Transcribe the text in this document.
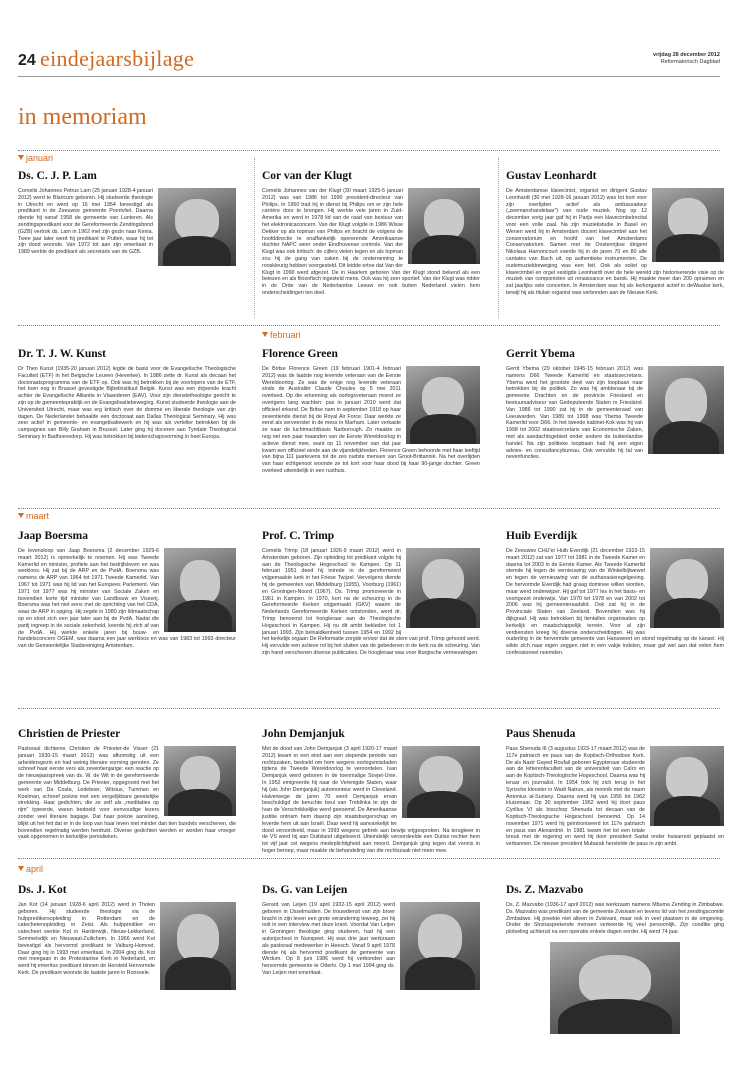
24 eindejaarsbijlage	vrijdag 28 december 2012
Reformatorisch Dagblad
in memoriam
januari
februari
maart
april
Ds. C. J. P. Lam
Cornelis Johannes Petrus Lam (25 januari 1928-4 januari 2012) werd te Blaricum geboren. Hij studeerde theologie in Utrecht en werd op 16 mei 1954 bevestigd als predikant in de Zeeuwse gemeente Poortvliet. Daarna diende hij vanaf 1958 de gemeente van Lunteren. Als zendingspredikant voor de Gereformeerde Zendingsbond (GZB) vertrok ds. Lam in 1962 met zijn gezin naar Kenia. Twee jaar later werd hij predikant te Putten, waar hij tot zijn dood woonde. Van 1972 tot aan zijn emeritaat in 1989 werkte de predikant als secretaris van de GZB.
Cor van der Klugt
Cornelis Johannes van der Klugt (30 maart 1925-5 januari 2012) was van 1986 tot 1990 president-directeur van Philips. In 1950 trad hij in dienst bij Philips om er zijn hele carrière door te brengen. Hij werkte vele jaren in Zuid-Amerika en werd in 1978 lid van de raad van bestuur van het elektronicaconcern. Van der Klugt volgde in 1986 Wisse Dekker op als topman van Philips en bracht de volgens de hoofddirectie te onaffankelijk opererende Amerikaanse dochter NAPC weer onder Eindhovense controle. Van der Klugt was ook kritisch: de cijfers vielen tegen en als topman zou hij de gang van zaken bij de onderneming te rooskleurig hebben voorgesteld. Dit leidde ertoe dat Van der Klugt in 1990 werd afgezet. De in Haarlem geboren Van der Klugt stond bekend als een belezen en als filosofisch ingesteld mens. Ook was hij zeer sportief. Van der Klugt was ridder in de Orde van de Nederlandse Leeuw en ook buiten Nederland vielen hem onderscheidingen ten deel.
Gustav Leonhardt
De Amsterdamse klavecinist, organist en dirigent Gustav Leonhardt (30 mei 1928-16 januari 2012) was tot kort voor zijn overlijden actief als ambassadeur („zeemanshandelaar”) van oude muziek. Nog op 12 december vorig jaar gaf hij in Parijs een klavecimbelrecital voor een volle zaal. Na zijn muziekstudie in Basel en Wenen werd hij in Amsterdam docent klavecimbel aan het conservatorium en hoofd van het Amsterdams Conservatorium. Samen met de Oostenrijkse dirigent Nikolaus Harnoncourt voerde hij in de jaren 70 en 80 alle cantates van Bach uit, op authentieke instrumenten. De oudemuziekbeweging was een feit. Ook als solist op klavecimbel en orgel vestigde Leonhardt over de hele wereld zijn historiserende visie op de muziek van componisten uit renaissance en barok. Hij maakte meer dan 200 opnamen en zat jaarlijks vele concerten. In Amsterdam was hij als kerkorganist actief in deWaalse kerk, terwijl hij als titulair organist was verbonden aan de Nieuwe Kerk.
Dr. T. J. W. Kunst
Dr Theo Kunst (1935-20 januari 2012) legde de basis voor de Evangelische Theologische Faculteit (ETF) in het Belgische Leuven (Heverlee). In 1986 zette dr. Kunst als decaan het doctoraatsprogramma van de ETF op. Ook was hij betrokken bij de voorlopers van de ETF, het toen nog in Brussel gevestigde Bijbelinstituut België. Kunst was een drijvende kracht achter de Evangelische Alliantie in Vlaanderen (EAV). Voor zijn dienstetheologie gericht te zijn op de gemeentepraktijk en de Evangelisatiebeweging. Kunst studeerde theologie aan de Universiteit Utrecht, maar was erg kritisch over de domme en liberale theologie van zijn dagen. De Nederlander behaalde een doctoraat aan Dallas Theological Seminary. Hij was zeer actief in gemeente- en evangelisatiewerk en hij was als verteller betrokken bij de campagnes van Billy Graham in Brussel. Later ging hij doceren aan Tyndale Theological Seminary in Badhoevedorp. Hij was betrokken bij leiderschapsvorming in heel Europa.
Florence Green
De Britse Florence Green (19 februari 1901-4 februari 2012) was de laatste nog levende veteraan van de Eerste Wereldoorlog. Ze was de enige nog levende veteraan sinds de Australiër Claude Choules op 5 mei 2011 overleed. Op die erkenning als oorlogsveteraan moest ze overigens lang wachten: pas in januari 2010 werd dat officieel erkend. De Britse nam in september 1918 op haar zeventiende dienst bij de Royal Air Force. Daar werkte ze eerst als serveerster in de mess in Marham. Later verkaste ze naar de luchtmachtbasis Narborough. Zo maakte ze nog net een paar maanden van de Eerste Wereldoorlog in actieve dienst mee, want op 11 november van dat jaar kwam een officieel einde aan de vijandelijkheden. Florence Green behoorde met haar leeftijd van bijna 111 jaartevens tot de zes oudste mensen van Groot-Brittannië. Na het overlijden van haar echtgenoot woonde ze tot kort voor haar dood bij haar 90-jarige dochter. Green overleed uiteindelijk in een rusthuis.
Gerrit Ybema
Gerrit Ybema (29 oktober 1945-15 februari 2012) was namens D66 Tweede Kamerlid en staatssecretaris. Ybema werd het grootste deel van zijn loopbaan naar betrokken bij de politiek. Zo was hij ambtenaar bij de gemeente Drachten en de provincie Friesland en bestuursadviseur van Gedeputeerde Staten in Friesland. Van 1986 tot 1990 zat hij in de gemeenteraad van Leeuwarden. Van 1989 tot 1998 was Ybema Tweede Kamerlid voor D66. In het tweede kabinet-Kok was hij van 1998 tot 2002 staatssecretaris van Economische Zaken, met als aandachtsgebied onder andere de buitenlandse handel. Na zijn politieke loopbaan had hij een eigen advies- en consultancybureau. Ook vervulde hij tal van nevenfuncties.
Jaap Boersma
De levensloop van Jaap Boersma (2 december 1929-6 maart 2012) is opmerkelijk te noemen. Hij was Tweede Kamerlid en minister, profiele aan het bedrijfsleven en was werkloos. Hij zat bij de ARP en de PvdA. Boersma was namens de ARP van 1964 tot 1971 Tweede Kamerlid. Van 1967 tot 1971 was hij lid van het Europees Parlement. Van 1971 tot 1977 was hij minister van Sociale Zaken en bovendien korte tijd minister van Landbouw en Visserij. Boersma was het niet eens met de oprichting van het CDA, waar de ARP in opging. Hij zegde in 1980 zijn lidmaatschap op en sloot zich een jaar later aan bij de PvdA. Nadat die partij ingreep in de sociale zekerheid, keerde hij zich af van de PvdA. Hij werkte enkele jaren bij bouw- en handelsconcern OGEM, was daarna een jaar werkloos en was van 1983 tot 1993 directeur van de Gemeentelijke Stadsreiniging Amsterdam.
Prof. C. Trimp
Cornelis Trimp (18 januari 1926-9 maart 2012) werd in Amsterdam geboren. Zijn opleiding tot predikant volgde hij aan de Theologische Hogeschool te Kampen. Op 11 februari 1951 deed hij intrede in de gereformeerd vrijgemaakte kerk in het Friese Twijzel. Vervolgens diende hij de gemeenten van Middelburg (1955), Voorburg (1961) en Groningen-Noord (1967). Ds. Trimp promoveerde in 1961 in Kampen. In 1970, kort na de scheuring in de Gereformeerde Kerken vrijgemaakt (GKV) waarin de Nederlands Gereformeerde Kerken ontstonden, werd dr. Trimp benoemd tot hoogleraar aan de Theologische Hogeschool in Kampen. Hij nu dit ambt bekleden tot 1 januari 1993. Zijn belnaldkenheid tussen 1954 en 1992 bij het kerkelijk orgaan De Reformatie zorgde ervoor dat de stem van prof. Trimp gehoord werd. Hij vervulde een actieve rol bij het sluiten van de gebedenen in de kerk na de scheuring. Van zijn hand verschenen diverse publicaties. De hoogleraar was voor liturgische vernieuwingen.
Huib Everdijk
De Zeeuwse CHU'er Huib Everdijk (21 december 1923-15 maart 2012) zat van 1977 tot 1981 in de Tweede Kamer en daarna tot 2003 in de Eerste Kamer. Als Tweede Kamerlid stemde hij tegen de vernieuwing van de Winkelbijlwewet en tegen de vernieuwing van de euthanasieregelgeving. De hervormde Everdijk had graag dominee willen worden, maar werd onderwijzer. Hij gaf tot 1977 les in het basis- en voortgezet onderwijs. Van 1970 tot 1978 en van 2002 tot 2006 was hij gemeenteraadslid. Ook zat hij in de Provinciale Staten van Zeeland. Bovendien was hij dijkgraaf. Hij was betrokken bij tientallen organisaties op kerkelijk en maatschappelijk terrein. Voor al zijn verdiensten kreeg hij diverse onderscheidingen. Hij was ouderling in de hervormde gemeente van Hansweert en stond regelmatig op de kansel. Hij wilde zich naar eigen zeggen niet in een vakje indelen, maar gaf wel aan dat velen hem confessioneel noemden.
Christien de Priester
Pastoraal dichteres Christien de Priester-de Visser (21 januari 1930-15 maart 2012) was afkomstig uit een arbeidersgezin en had weinig literaire vorming genoten. Ze schreef haar eerste vers als zeventienjarige: een reactie op de nieuwjaarspreek van ds. W. de Wit in de gereformeerde gemeente van Middelburg. De Priester, opgegroeid met het werk van Da Costa, Ledeboer, Witsius, Tuinman en Koelman, schreef poëzie met een vergelijkbare geestelijke strekking. Haar gedichten, die ze zelf als „meditaties op rijm” typeerde, waren bedoeld voor eenvoudige lezers zonder veel literaire bagage. Dat haar poëzie aansloeg, blijkt uit het feit dat er in de loop van haar leven niet minder dan tien bundels verschenen, die bovendien regelmatig werden herdrukt. Diverse gedichten werden er worden haar vroeger vaak opgenomen in kerkelijke periodieken.
John Demjanjuk
Met de dood van John Demjanjuk (3 april 1920-17 maart 2012) kwam er een eind aan een slepende periode van rechtszaken, bedoeld om hem wegens oorlogsmisdaden tijdens de Tweede Wereldoorlog te veroordelen. Ivan Demjanjuk werd geboren in de toenmalige Sovjet-Unie. In 1952 emigreerde hij naar de Verenigde Staten, waar hij (als John Demjanjuk) automonteur werd in Cleveland. Halverwege de jaren 70 werd Demjanjuk ervan beschuldigd de beruchte beul van Treblinka te zijn de Ivan de Verschrikkelijke werd genoemd. De Amerikaanse justitie ontnam hem daarop zijn staatsburgerschap en leverde hem uit aan Israël. Daar werd hij aanvankelijk ter dood veroordeeld, maar in 1993 wegens gebrek aan bewijs vrijgesproken. Na terugkeer in de VS werd hij aan Duitsland uitgeleverd. Uiteindelijk veroordeelde een Duitse rechter hem tot vijf jaar cel wegens medeplichtigheid aan moord. Demjanjuk ging tegen dat vonnis in hoger beroep, maar maakte de behandeling van die rechtszaak niet meer mee.
Paus Shenuda
Paus Shenuda III (3 augustus 1923-17 maart 2012) was de 117e patriarch en paus van de Koptisch-Orthodoxe Kerk. De als Nazir Gayed Roufail geboren Egyptenaar studeerde aan de letterenfaculteit van de universiteit van Caïro en aan de Koptisch-Theologische Hogeschool. Daarna was hij leraar en journalist. In 1954 trok hij zich terug in het Syrische klooster in Wadi Natrun, als monnik met de naam Antonius al-Suriany. Daarna werd hij van 1956 tot 1962 kluizenaar. Op 30 september 1962 werd hij door paus Cyrillus VI als bisschop Shenuda tot decaan van de Koptisch-Theologische Hogeschool benoemd. Op 14 november 1971 werd hij geïntroniseerd tot 117e patriarch en paus van Alexandrië. In 1981 kwam het tot een totale breuk met de regering en werd hij door president Sadat onder huisarrest geplaatst en verbannen. De nieuwe president Mubarak herstelde de paus in zijn ambt.
Ds. J. Kot
Jan Kot (14 januari 1928-6 april 2012) werd in Tholen geboren. Hij studeerde theologie via de hulppredikersopleiding in Rotterdam en de catechetenopleiding in Zeist. Als hulpprediker en catecheet werkte Kot in Harderwijk, Nieuw-Lekkerland, Sommelsdijk en Nieuwaal-Zuilichem. In 1966 werd Kot bevestigd als hervormd predikant te Valburg-Homoet. Daar ging hij in 1993 met emeritaat. In 2004 ging ds. Kot met meegaan in de Protestantse Kerk in Nederland, en werd hij emeritus predikant binnen de Hersteld Hervormde Kerk. De predikant woonde de laatste jaren in Ronssele.
Ds. G. van Leijen
Gerard van Leijen (19 april 1932-15 april 2012) werd geboren in IJsselmuiden. De trouwdienst van zijn broer bracht in zijn leven een grote verandering teweeg, zei hij ooit in een interview met deze krant. Voordat Van Leijen in Groningen theologie ging studeren, had hij een autorijschool in Nunspeet. Hij was drie jaar werkzaam als pastoraal medewerker in Heesch. Vanaf 9 april 1978 diende hij als hervormd predikant de gemeente van Wirdum. Op 8 juni 1986 werd hij verbonden aan hervormde gemeente te Otterlo. Op 1 mei 1994 ging ds. Van Leijen met emeritaat.
Ds. Z. Mazvabo
Ds. Z. Mazvabo (1936-17 april 2012) was werkzaam namens Mbuma Zending in Zimbabwe. Ds. Mazvabo was predikant van de gemeente Zvisivani en tevens lid van het zendingscomité Zimbabwe. Hij preekte niet alleen in Zvisivani, maar ook in veel plaatsen in de omgeving. Onder de Shonasprekende mensen verkeerde hij veel persoonlijk. Zijn conditie ging plotseling achteruit na een operatie enkele dagen eerder. Hij werd 74 jaar.
